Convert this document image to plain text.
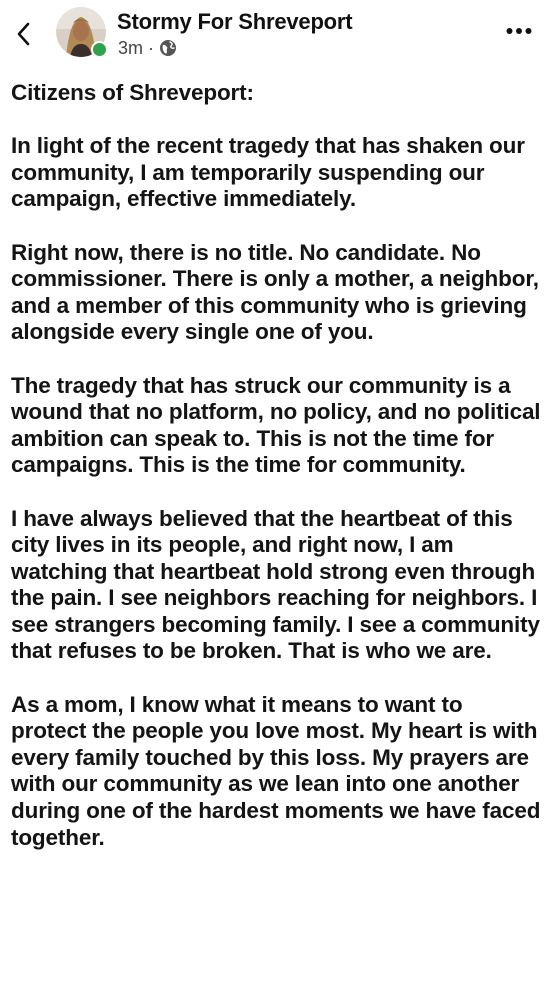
Stormy For Shreveport
3m ·

Citizens of Shreveport:

In light of the recent tragedy that has shaken our community, I am temporarily suspending our campaign, effective immediately.

Right now, there is no title. No candidate. No commissioner. There is only a mother, a neighbor, and a member of this community who is grieving alongside every single one of you.

The tragedy that has struck our community is a wound that no platform, no policy, and no political ambition can speak to. This is not the time for campaigns. This is the time for community.

I have always believed that the heartbeat of this city lives in its people, and right now, I am watching that heartbeat hold strong even through the pain. I see neighbors reaching for neighbors. I see strangers becoming family. I see a community that refuses to be broken. That is who we are.

As a mom, I know what it means to want to protect the people you love most. My heart is with every family touched by this loss. My prayers are with our community as we lean into one another during one of the hardest moments we have faced together.
